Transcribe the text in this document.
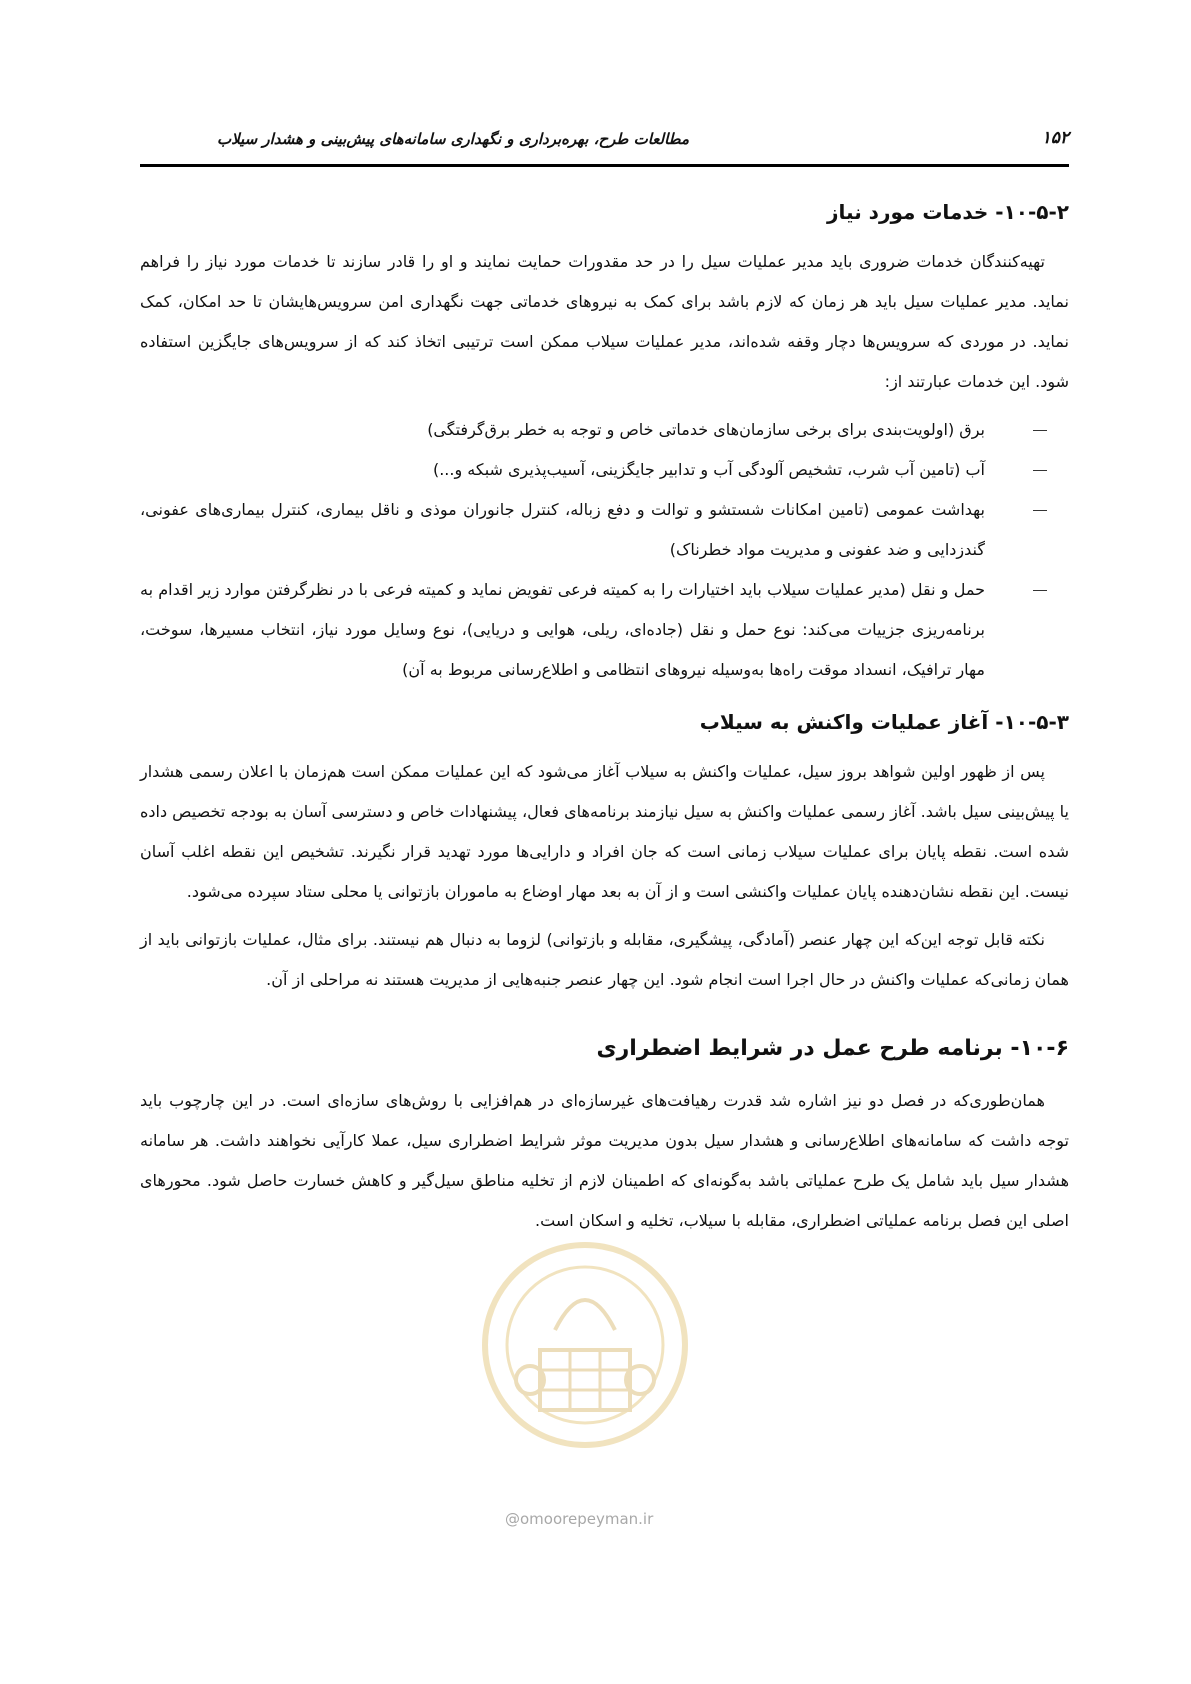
۱۵۲
مطالعات طرح، بهره‌برداری و نگهداری سامانه‌های پیش‌بینی و هشدار سیلاب
۱۰-۵-۲- خدمات مورد نیاز

تهیه‌کنندگان خدمات ضروری باید مدیر عملیات سیل را در حد مقدورات حمایت نمایند و او را قادر سازند تا خدمات مورد نیاز را فراهم نماید. مدیر عملیات سیل باید هر زمان که لازم باشد برای کمک به نیروهای خدماتی جهت نگهداری امن سرویس‌هایشان تا حد امکان، کمک نماید. در موردی که سرویس‌ها دچار وقفه شده‌اند، مدیر عملیات سیلاب ممکن است ترتیبی اتخاذ کند که از سرویس‌های جایگزین استفاده شود. این خدمات عبارتند از:

برق (اولویت‌بندی برای برخی سازمان‌های خدماتی خاص و توجه به خطر برق‌گرفتگی)
آب (تامین آب شرب، تشخیص آلودگی آب و تدابیر جایگزینی، آسیب‌پذیری شبکه و...)
بهداشت عمومی (تامین امکانات شستشو و توالت و دفع زباله، کنترل جانوران موذی و ناقل بیماری، کنترل بیماری‌های عفونی، گندزدایی و ضد عفونی و مدیریت مواد خطرناک)
حمل و نقل (مدیر عملیات سیلاب باید اختیارات را به کمیته فرعی تفویض نماید و کمیته فرعی با در نظرگرفتن موارد زیر اقدام به برنامه‌ریزی جزییات می‌کند: نوع حمل و نقل (جاده‌ای، ریلی، هوایی و دریایی)، نوع وسایل مورد نیاز، انتخاب مسیرها، سوخت، مهار ترافیک، انسداد موقت راه‌ها به‌وسیله نیروهای انتظامی و اطلاع‌رسانی مربوط به آن)
۱۰-۵-۳- آغاز عملیات واکنش به سیلاب

پس از ظهور اولین شواهد بروز سیل، عملیات واکنش به سیلاب آغاز می‌شود که این عملیات ممکن است هم‌زمان با اعلان رسمی هشدار یا پیش‌بینی سیل باشد. آغاز رسمی عملیات واکنش به سیل نیازمند برنامه‌های فعال، پیشنهادات خاص و دسترسی آسان به بودجه تخصیص داده شده است. نقطه پایان برای عملیات سیلاب زمانی است که جان افراد و دارایی‌ها مورد تهدید قرار نگیرند. تشخیص این نقطه اغلب آسان نیست. این نقطه نشان‌دهنده پایان عملیات واکنشی است و از آن به بعد مهار اوضاع به ماموران بازتوانی یا محلی ستاد سپرده می‌شود.

نکته قابل توجه این‌که این چهار عنصر (آمادگی، پیشگیری، مقابله و بازتوانی) لزوما به دنبال هم نیستند. برای مثال، عملیات بازتوانی باید از همان زمانی‌که عملیات واکنش در حال اجرا است انجام شود. این چهار عنصر جنبه‌هایی از مدیریت هستند نه مراحلی از آن.

۱۰-۶- برنامه طرح عمل در شرایط اضطراری

همان‌طوری‌که در فصل دو نیز اشاره شد قدرت رهیافت‌های غیرسازه‌ای در هم‌افزایی با روش‌های سازه‌ای است. در این چارچوب باید توجه داشت که سامانه‌های اطلاع‌رسانی و هشدار سیل بدون مدیریت موثر شرایط اضطراری سیل، عملا کارآیی نخواهند داشت. هر سامانه هشدار سیل باید شامل یک طرح عملیاتی باشد به‌گونه‌ای که اطمینان لازم از تخلیه مناطق سیل‌گیر و کاهش خسارت حاصل شود. محورهای اصلی این فصل برنامه عملیاتی اضطراری، مقابله با سیلاب، تخلیه و اسکان است.

@omoorepeyman.ir
